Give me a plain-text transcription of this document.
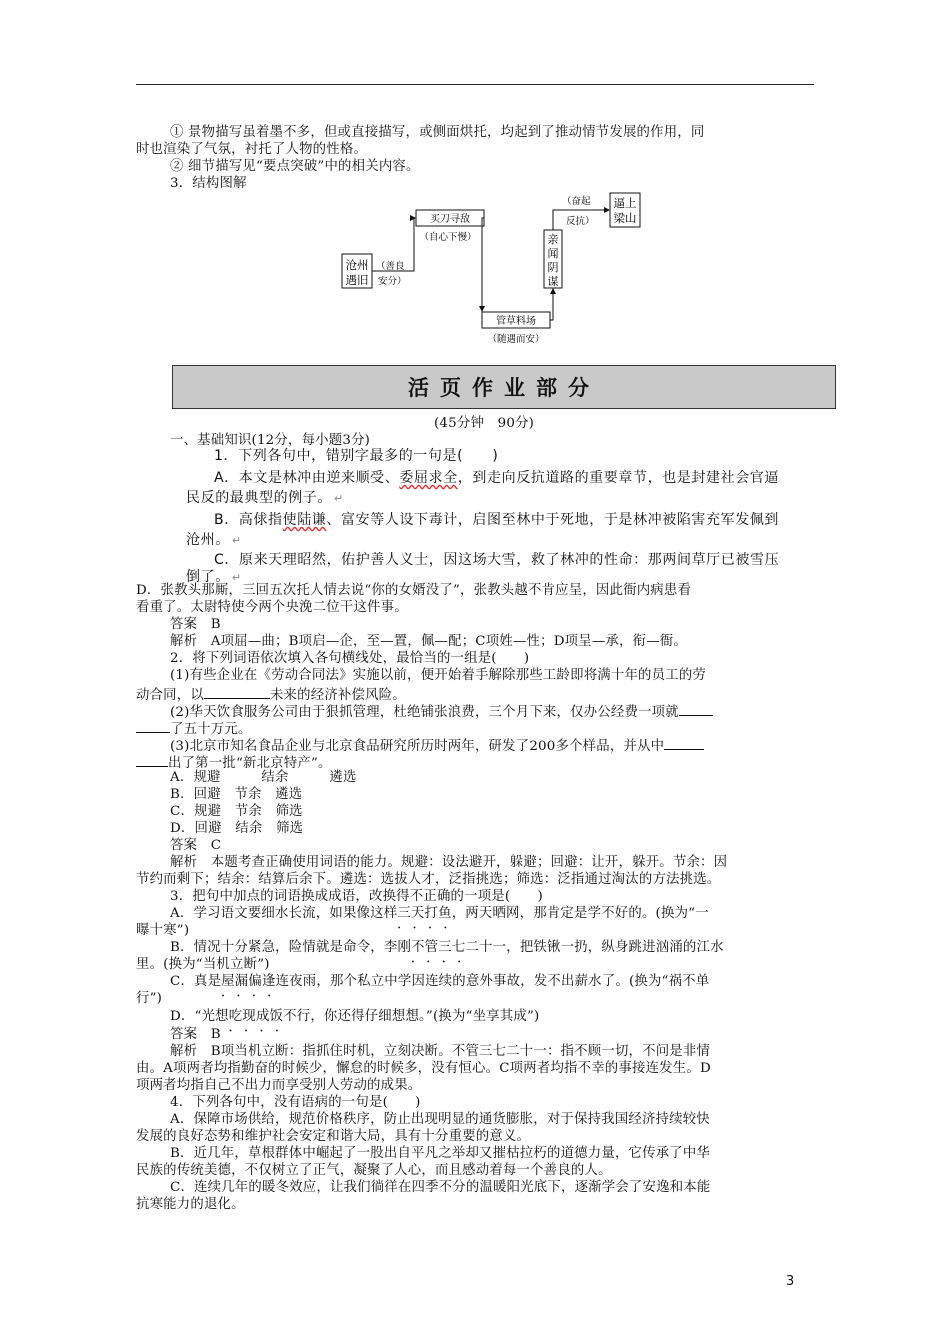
① 景物描写虽着墨不多，但或直接描写，或侧面烘托，均起到了推动情节发展的作用，同
时也渲染了气氛，衬托了人物的性格。
② 细节描写见“要点突破”中的相关内容。
3．结构图解
沧州
遇旧
（善良
安分）
买刀寻敌
（自心下慢）
管草料场
（随遇而安）
亲
闻
阴
谋
（奋起
反抗）
逼上
梁山
活页作业部分
(45分钟　90分)
一、基础知识(12分，每小题3分)
1．下列各句中，错别字最多的一句是(　　)
A．本文是林冲由逆来顺受、委屈求全，到走向反抗道路的重要章节，也是封建社会官逼
民反的最典型的例子。 ↵
B．高俅指使陆谦、富安等人设下毒计，启图至林中于死地，于是林冲被陷害充军发佩到
沧州。 ↵
C．原来天理昭然，佑护善人义士，因这场大雪，救了林冲的性命：那两间草厅已被雪压
倒了。 ↵
D．张教头那厮，三回五次托人情去说“你的女婿没了”，张教头越不肯应呈，因此衙内病患看
看重了。太尉特使今两个央浼二位干这件事。
答案　B
解析　A项屈—曲；B项启—企，至—置，佩—配；C项姓—性；D项呈—承，衔—衙。
2．将下列词语依次填入各句横线处，最恰当的一组是(　　)
(1)有些企业在《劳动合同法》实施以前，便开始着手解除那些工龄即将满十年的员工的劳
动合同，以	未来的经济补偿风险。
(2)华天饮食服务公司由于狠抓管理，杜绝铺张浪费，三个月下来，仅办公经费一项就
了五十万元。
(3)北京市知名食品企业与北京食品研究所历时两年，研发了200多个样品，并从中
出了第一批“新北京特产”。
A．规避　　　结余　　　遴选
B．回避　节余　遴选
C．规避　节余　筛选
D．回避　结余　筛选
答案　C
解析　本题考查正确使用词语的能力。规避：设法避开，躲避；回避：让开，躲开。节余：因
节约而剩下；结余：结算后余下。遴选：选拔人才，泛指挑选；筛选：泛指通过淘汰的方法挑选。
3．把句中加点的词语换成成语，改换得不正确的一项是(　　)
A．学习语文要细水长流，如果像这样三天打鱼，两天晒网 • • • •，那肯定是学不好的。(换为“一
曝十寒”)
B．情况十分紧急，险情就是命令，李刚不管三七二十一 • • • •，把铁锹一扔，纵身跳进汹涌的江水
里。(换为“当机立断”)
C．真是屋漏偏逢连夜雨 • • • •，那个私立中学因连续的意外事故，发不出薪水了。(换为“祸不单
行”)
D．“光想吃现成饭 • • • •不行，你还得仔细想想。”(换为“坐享其成”)
答案　B
解析　B项当机立断：指抓住时机，立刻决断。不管三七二十一：指不顾一切，不问是非情
由。A项两者均指勤奋的时候少，懈怠的时候多，没有恒心。C项两者均指不幸的事接连发生。D
项两者均指自己不出力而享受别人劳动的成果。
4．下列各句中，没有语病的一句是(　　)
A．保障市场供给，规范价格秩序，防止出现明显的通货膨胀，对于保持我国经济持续较快
发展的良好态势和维护社会安定和谐大局，具有十分重要的意义。
B．近几年，草根群体中崛起了一股出自平凡之举却又摧枯拉朽的道德力量，它传承了中华
民族的传统美德，不仅树立了正气，凝聚了人心，而且感动着每一个善良的人。
C．连续几年的暖冬效应，让我们徜徉在四季不分的温暖阳光底下，逐渐学会了安逸和本能
抗寒能力的退化。
3
